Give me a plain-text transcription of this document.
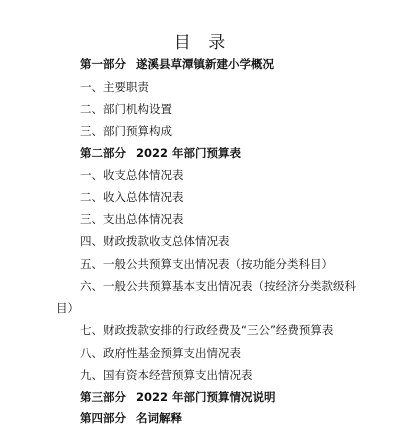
目 录
第一部分 遂溪县草潭镇新建小学概况
一、主要职责
二、部门机构设置
三、部门预算构成
第二部分 2022 年部门预算表
一、收支总体情况表
二、收入总体情况表
三、支出总体情况表
四、财政拨款收支总体情况表
五、一般公共预算支出情况表（按功能分类科目）
六、一般公共预算基本支出情况表（按经济分类款级科
目）
七、财政拨款安排的行政经费及“三公”经费预算表
八、政府性基金预算支出情况表
九、国有资本经营预算支出情况表
第三部分 2022 年部门预算情况说明
第四部分 名词解释
